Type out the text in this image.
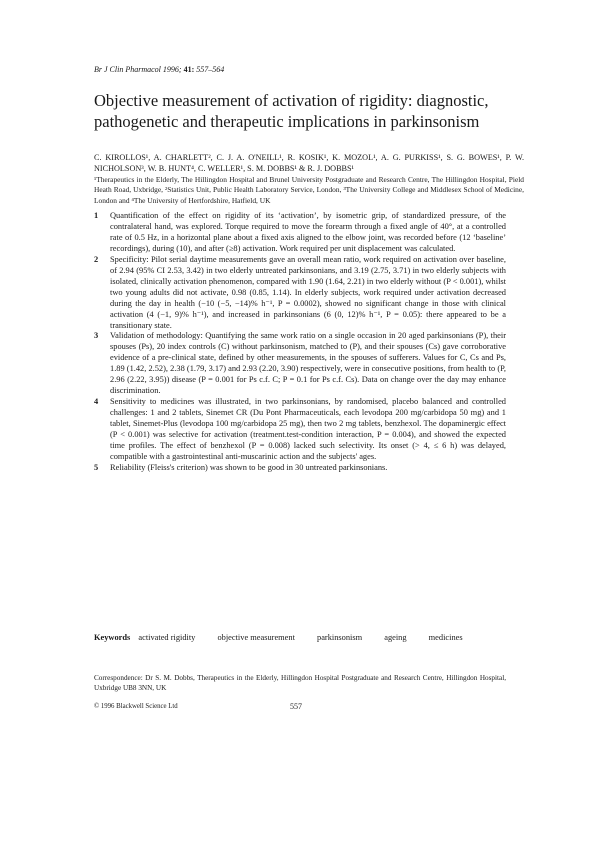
Br J Clin Pharmacol 1996; 41: 557–564
Objective measurement of activation of rigidity: diagnostic, pathogenetic and therapeutic implications in parkinsonism
C. KIROLLOS¹, A. CHARLETT², C. J. A. O'NEILL¹, R. KOSIK¹, K. MOZOL¹, A. G. PURKISS¹, S. G. BOWES¹, P. W. NICHOLSON³, W. B. HUNT⁴, C. WELLER¹, S. M. DOBBS¹ & R. J. DOBBS¹
¹Therapeutics in the Elderly, The Hillingdon Hospital and Brunel University Postgraduate and Research Centre, The Hillingdon Hospital, Pield Heath Road, Uxbridge, ²Statistics Unit, Public Health Laboratory Service, London, ³The University College and Middlesex School of Medicine, London and ⁴The University of Hertfordshire, Hatfield, UK
1	Quantification of the effect on rigidity of its ‘activation’, by isometric grip, of standardized pressure, of the contralateral hand, was explored. Torque required to move the forearm through a fixed angle of 40°, at a controlled rate of 0.5 Hz, in a horizontal plane about a fixed axis aligned to the elbow joint, was recorded before (12 ‘baseline’ recordings), during (10), and after (≥8) activation. Work required per unit displacement was calculated.
2	Specificity: Pilot serial daytime measurements gave an overall mean ratio, work required on activation over baseline, of 2.94 (95% CI 2.53, 3.42) in two elderly untreated parkinsonians, and 3.19 (2.75, 3.71) in two elderly subjects with isolated, clinically activation phenomenon, compared with 1.90 (1.64, 2.21) in two elderly without (P < 0.001), whilst two young adults did not activate, 0.98 (0.85, 1.14). In elderly subjects, work required under activation decreased during the day in health (−10 (−5, −14)% h⁻¹, P = 0.0002), showed no significant change in those with clinical activation (4 (−1, 9)% h⁻¹), and increased in parkinsonians (6 (0, 12)% h⁻¹, P = 0.05): there appeared to be a transitionary state.
3	Validation of methodology: Quantifying the same work ratio on a single occasion in 20 aged parkinsonians (P), their spouses (Ps), 20 index controls (C) without parkinsonism, matched to (P), and their spouses (Cs) gave corroborative evidence of a pre-clinical state, defined by other measurements, in the spouses of sufferers. Values for C, Cs and Ps, 1.89 (1.42, 2.52), 2.38 (1.79, 3.17) and 2.93 (2.20, 3.90) respectively, were in consecutive positions, from health to (P, 2.96 (2.22, 3.95)) disease (P = 0.001 for Ps c.f. C; P = 0.1 for Ps c.f. Cs). Data on change over the day may enhance discrimination.
4	Sensitivity to medicines was illustrated, in two parkinsonians, by randomised, placebo balanced and controlled challenges: 1 and 2 tablets, Sinemet CR (Du Pont Pharmaceuticals, each levodopa 200 mg/carbidopa 50 mg) and 1 tablet, Sinemet-Plus (levodopa 100 mg/carbidopa 25 mg), then two 2 mg tablets, benzhexol. The dopaminergic effect (P < 0.001) was selective for activation (treatment.test-condition interaction, P = 0.004), and showed the expected time profiles. The effect of benzhexol (P = 0.008) lacked such selectivity. Its onset (> 4, ≤ 6 h) was delayed, compatible with a gastrointestinal anti-muscarinic action and the subjects' ages.
5	Reliability (Fleiss's criterion) was shown to be good in 30 untreated parkinsonians.
Keywords activated rigidity	objective measurement	parkinsonism	ageing	medicines
Correspondence: Dr S. M. Dobbs, Therapeutics in the Elderly, Hillingdon Hospital Postgraduate and Research Centre, Hillingdon Hospital, Uxbridge UB8 3NN, UK
© 1996 Blackwell Science Ltd	557
